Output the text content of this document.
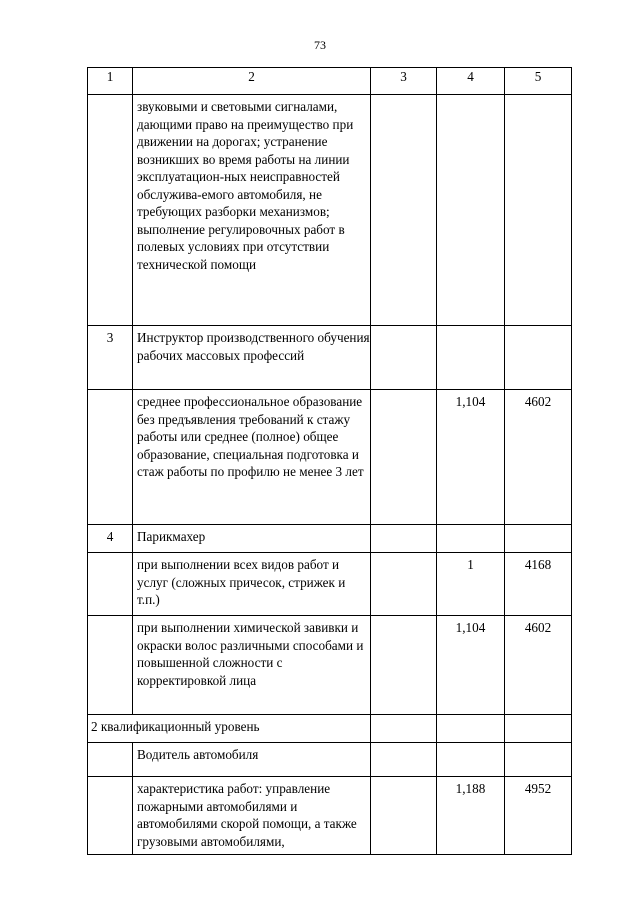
73
1	2	3	4	5

	звуковыми и световыми сигналами, дающими право на преимущество при движении на дорогах; устранение возникших во время работы на линии эксплуатацион-ных неисправностей обслужива-емого автомобиля, не требующих разборки механизмов; выполнение регулировочных работ в полевых условиях при отсутствии технической помощи			

3	Инструктор производственного обучения рабочих массовых профессий			

	среднее профессиональное образование без предъявления требований к стажу работы или среднее (полное) общее образование, специальная подготовка и стаж работы по профилю не менее 3 лет		1,104	4602

4	Парикмахер			

	при выполнении всех видов работ и услуг (сложных причесок, стрижек и т.п.)		1	4168

	при выполнении химической завивки и окраски волос различными способами и повышенной сложности с корректировкой лица		1,104	4602

2 квалификационный уровень				

	Водитель автомобиля			

	характеристика работ: управление пожарными автомобилями и автомобилями скорой помощи, а также грузовыми автомобилями,		1,188	4952
